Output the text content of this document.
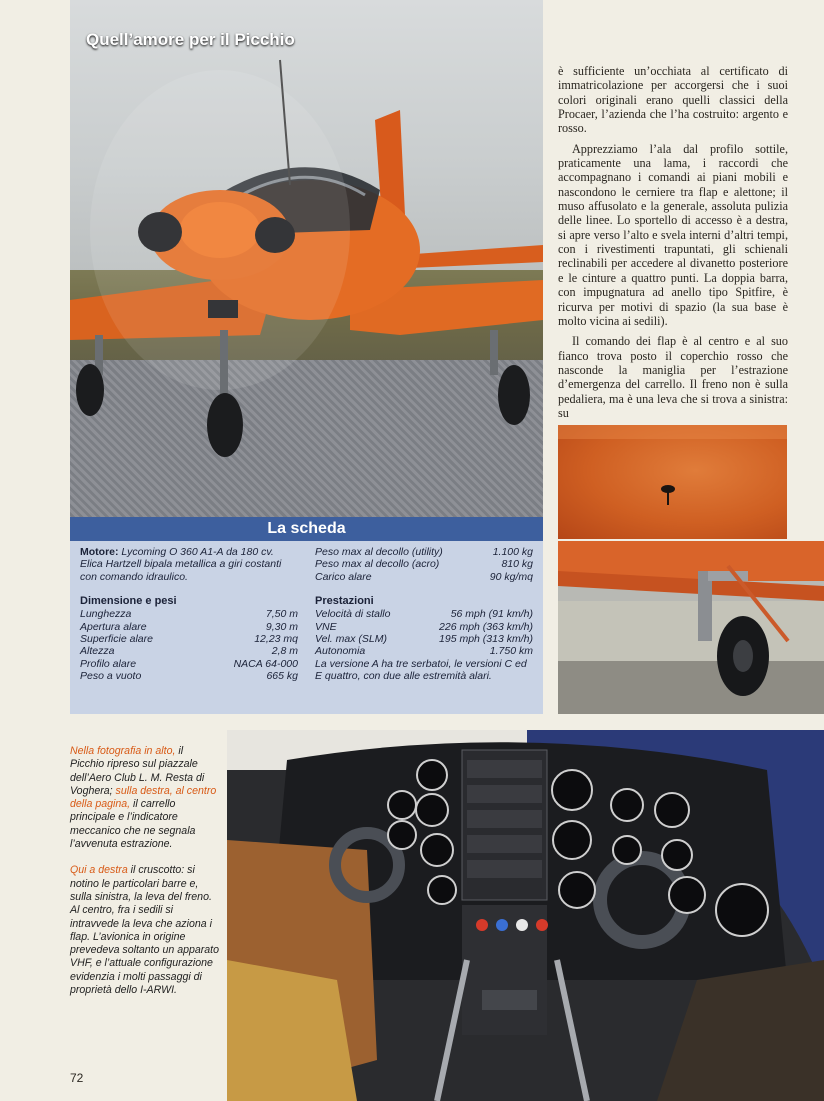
Quell’amore per il Picchio
La scheda
Motore: Lycoming O 360 A1-A da 180 cv.
Elica Hartzell bipala metallica a giri costanti con comando idraulico.
Dimensione e pesi
Lunghezza	7,50 m
Apertura alare	9,30 m
Superficie alare	12,23 mq
Altezza	2,8 m
Profilo alare	NACA 64-000
Peso a vuoto	665 kg
Peso max al decollo (utility)	1.100 kg
Peso max al decollo (acro)	810 kg
Carico alare	90 kg/mq
Prestazioni
Velocità di stallo	56 mph (91 km/h)
VNE	226 mph (363 km/h)
Vel. max (SLM)	195 mph (313 km/h)
Autonomia	1.750 km
La versione A ha tre serbatoi, le versioni C ed E quattro, con due alle estremità alari.

è sufficiente un’occhiata al certificato di immatricolazione per accorgersi che i suoi colori originali erano quelli classici della Procaer, l’azienda che l’ha costruito: argento e rosso.

Apprezziamo l’ala dal profilo sottile, praticamente una lama, i raccordi che accompagnano i comandi ai piani mobili e nascondono le cerniere tra flap e alettone; il muso affusolato e la generale, assoluta pulizia delle linee. Lo sportello di accesso è a destra, si apre verso l’alto e svela interni d’altri tempi, con i rivestimenti trapuntati, gli schienali reclinabili per accedere al divanetto posteriore e le cinture a quattro punti. La doppia barra, con impugnatura ad anello tipo Spitfire, è ricurva per motivi di spazio (la sua base è molto vicina ai sedili).

Il comando dei flap è al centro e al suo fianco trova posto il coperchio rosso che nasconde la maniglia per l’estrazione d’emergenza del carrello. Il freno non è sulla pedaliera, ma è una leva che si trova a sinistra: su

Nella fotografia in alto, il Picchio ripreso sul piazzale dell’Aero Club L. M. Resta di Voghera; sulla destra, al centro della pagina, il carrello principale e l’indicatore meccanico che ne segnala l’avvenuta estrazione.

Qui a destra il cruscotto: si notino le particolari barre e, sulla sinistra, la leva del freno. Al centro, fra i sedili si intravvede la leva che aziona i flap. L’avionica in origine prevedeva soltanto un apparato VHF, e l’attuale configurazione evidenzia i molti passaggi di proprietà dello I-ARWI.

72
